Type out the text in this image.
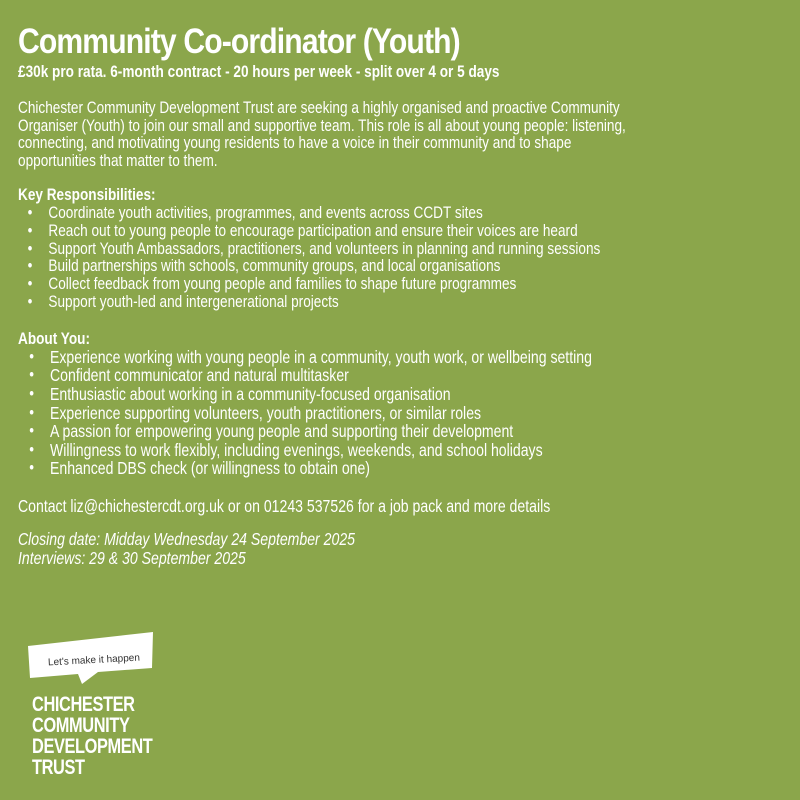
Community Co-ordinator (Youth)

£30k pro rata. 6-month contract - 20 hours per week - split over 4 or 5 days

Chichester Community Development Trust are seeking a highly organised and proactive Community
Organiser (Youth) to join our small and supportive team. This role is all about young people: listening,
connecting, and motivating young residents to have a voice in their community and to shape
opportunities that matter to them.

Key Responsibilities:

• Coordinate youth activities, programmes, and events across CCDT sites
• Reach out to young people to encourage participation and ensure their voices are heard
• Support Youth Ambassadors, practitioners, and volunteers in planning and running sessions
• Build partnerships with schools, community groups, and local organisations
• Collect feedback from young people and families to shape future programmes
• Support youth-led and intergenerational projects

About You:

• Experience working with young people in a community, youth work, or wellbeing setting
• Confident communicator and natural multitasker
• Enthusiastic about working in a community-focused organisation
• Experience supporting volunteers, youth practitioners, or similar roles
• A passion for empowering young people and supporting their development
• Willingness to work flexibly, including evenings, weekends, and school holidays
• Enhanced DBS check (or willingness to obtain one)

Contact liz@chichestercdt.org.uk or on 01243 537526 for a job pack and more details

Closing date: Midday Wednesday 24 September 2025

Interviews: 29 & 30 September 2025

Let's make it happen
CHICHESTER
COMMUNITY
DEVELOPMENT
TRUST
